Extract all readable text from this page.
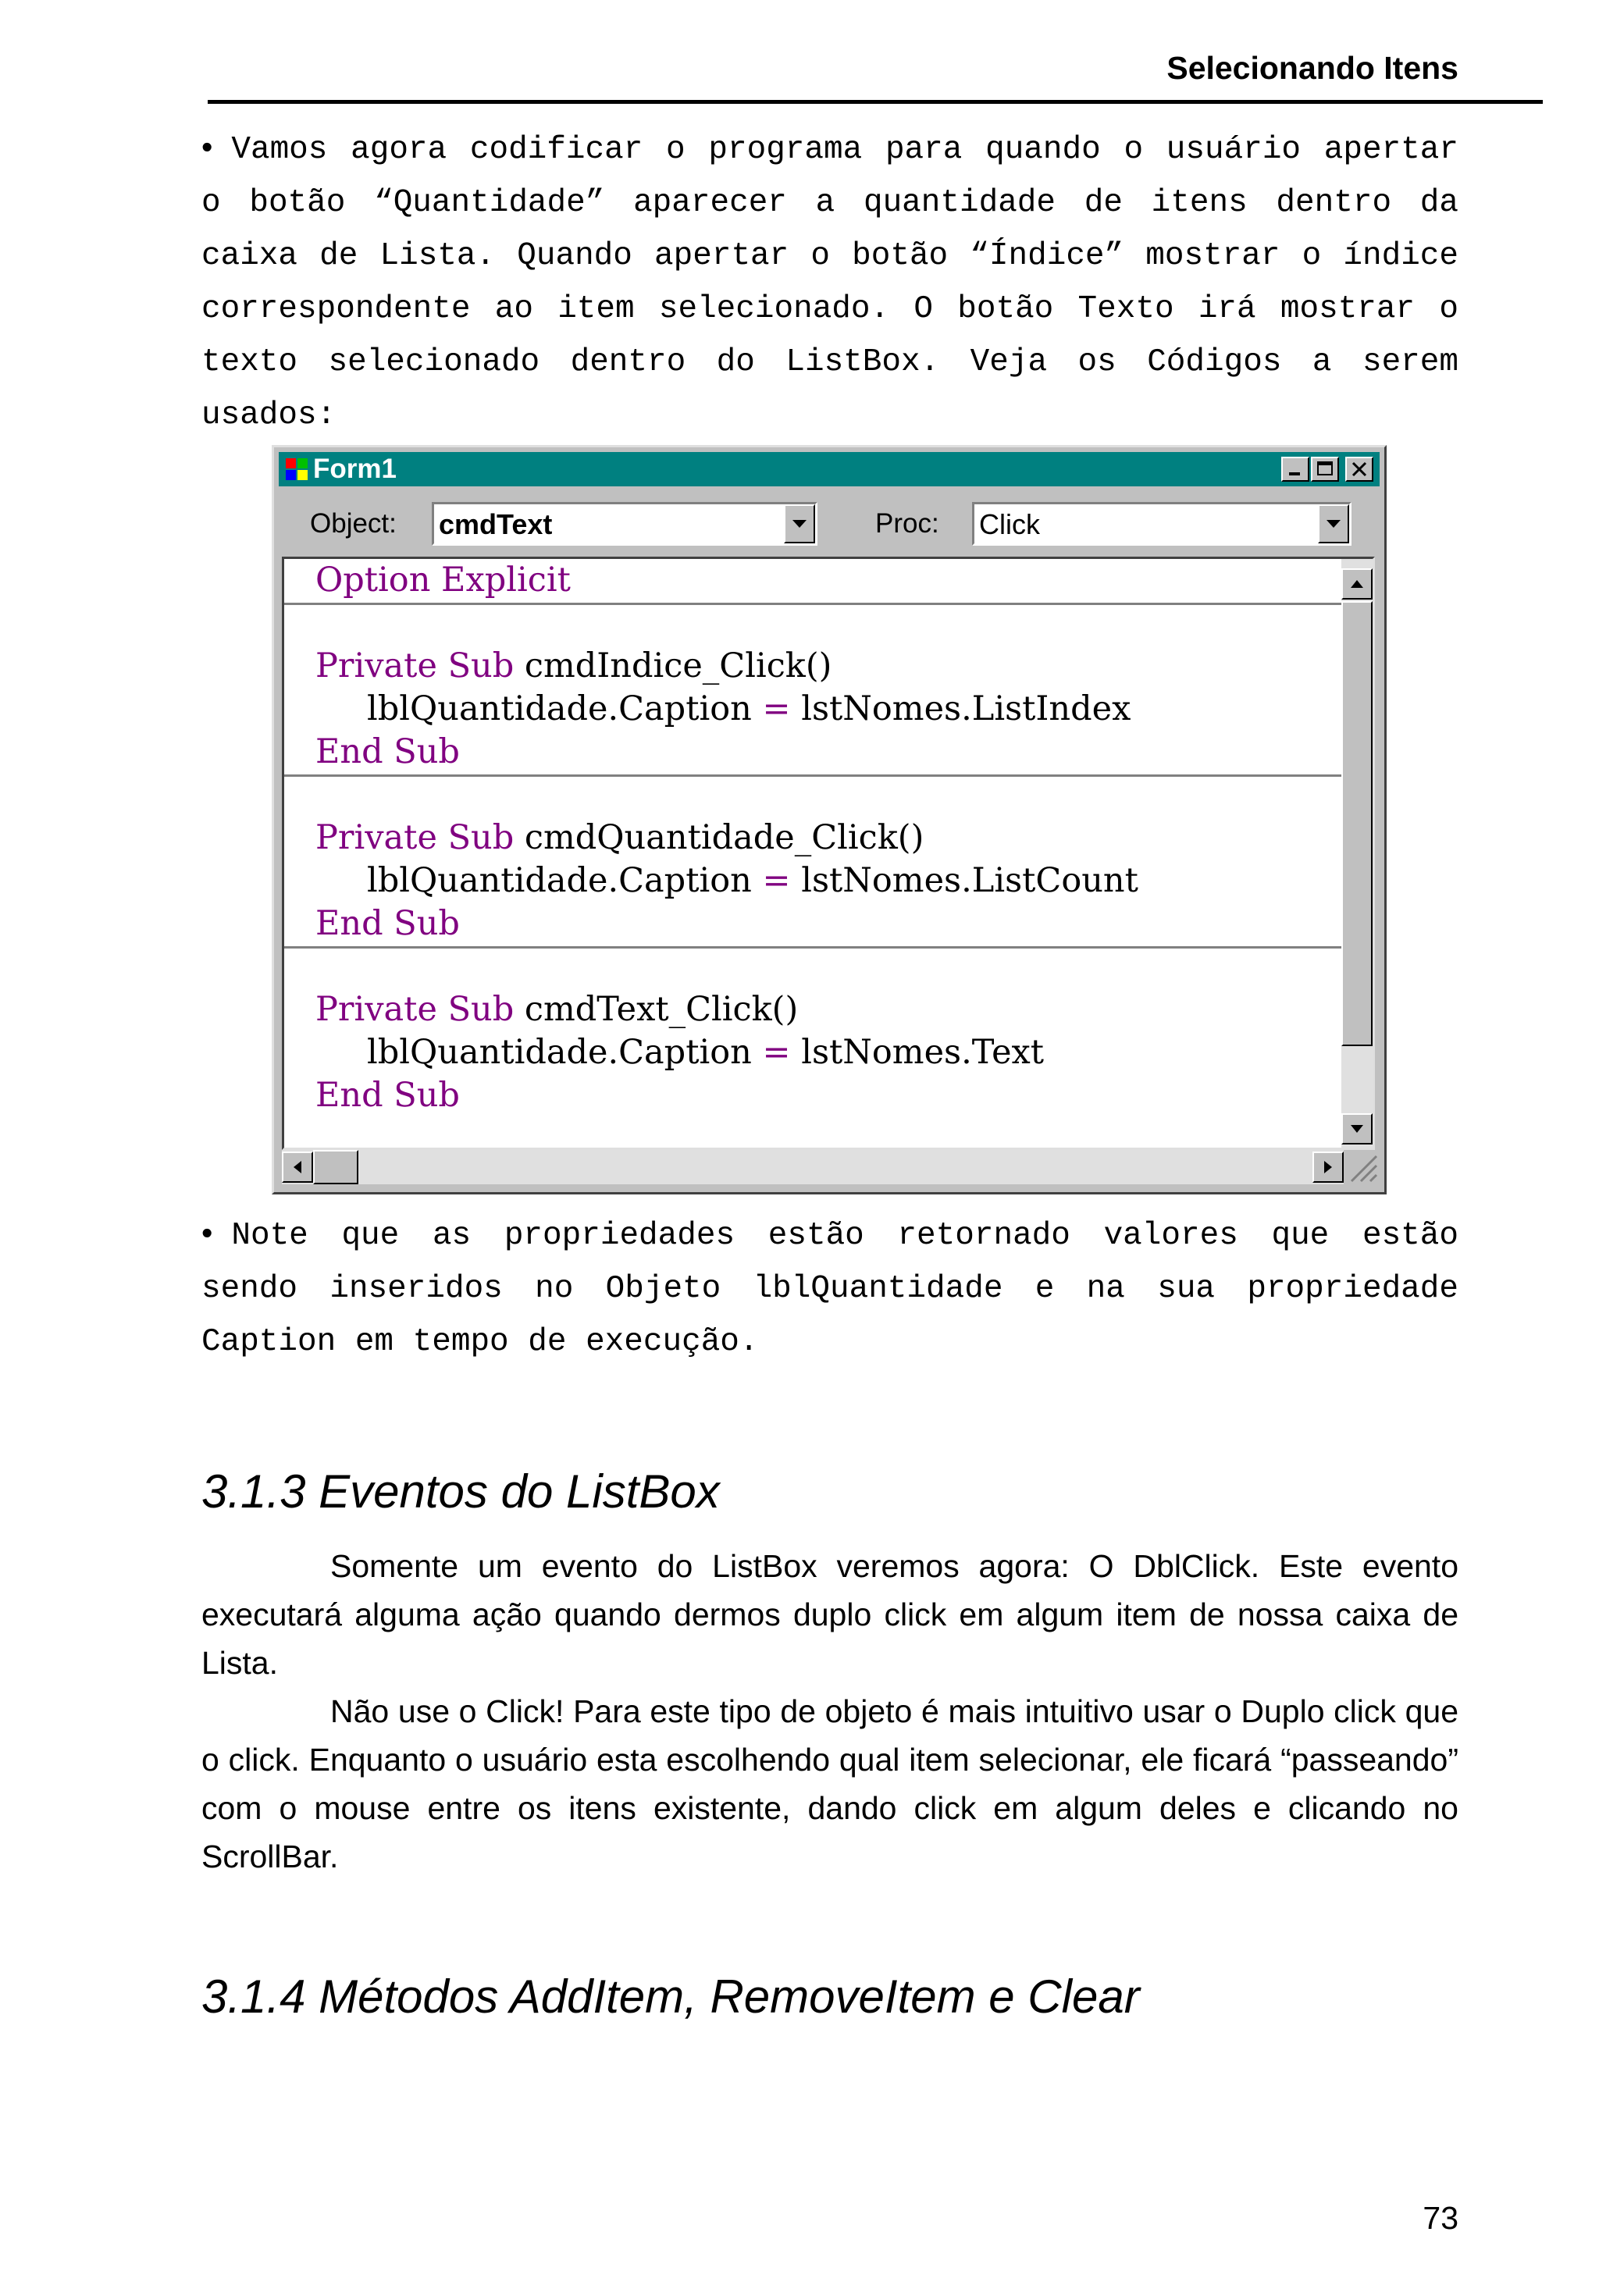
Selecionando Itens

• Vamos agora codificar o programa para quando o usuário apertar o botão “Quantidade” aparecer a quantidade de itens dentro da caixa de Lista. Quando apertar o botão “Índice” mostrar o índice correspondente ao item selecionado. O botão Texto irá mostrar o texto selecionado dentro do ListBox. Veja os Códigos a serem usados:

Form1
Object: cmdText	Proc: Click
Option Explicit
Private Sub cmdIndice_Click()
lblQuantidade.Caption = lstNomes.ListIndex
End Sub
Private Sub cmdQuantidade_Click()
lblQuantidade.Caption = lstNomes.ListCount
End Sub
Private Sub cmdText_Click()
lblQuantidade.Caption = lstNomes.Text
End Sub

• Note que as propriedades estão retornado valores que estão sendo inseridos no Objeto lblQuantidade e na sua propriedade Caption em tempo de execução.

3.1.3 Eventos do ListBox

Somente um evento do ListBox veremos agora: O DblClick. Este evento executará alguma ação quando dermos duplo click em algum item de nossa caixa de Lista.

Não use o Click! Para este tipo de objeto é mais intuitivo usar o Duplo click que o click. Enquanto o usuário esta escolhendo qual item selecionar, ele ficará “passeando” com o mouse entre os itens existente, dando click em algum deles e clicando no ScrollBar.

3.1.4 Métodos AddItem, RemoveItem e Clear
73
